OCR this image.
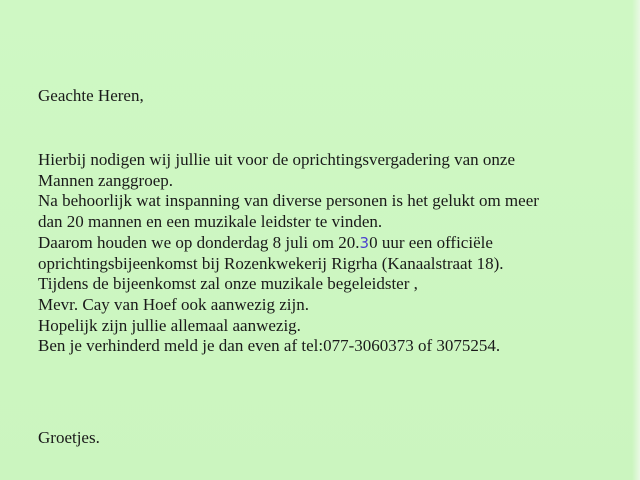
Geachte Heren,

Hierbij nodigen wij jullie uit voor de oprichtingsvergadering van onze
Mannen zanggroep.
Na behoorlijk wat inspanning van diverse personen is het gelukt om meer
dan 20 mannen en een muzikale leidster te vinden.
Daarom houden we op donderdag 8 juli om 20.30 uur een officiële
oprichtingsbijeenkomst bij Rozenkwekerij Rigrha (Kanaalstraat 18).
Tijdens de bijeenkomst zal onze muzikale begeleidster ,
Mevr. Cay van Hoef ook aanwezig zijn.
Hopelijk zijn jullie allemaal aanwezig.
Ben je verhinderd meld je dan even af tel:077-3060373 of 3075254.

Groetjes.
